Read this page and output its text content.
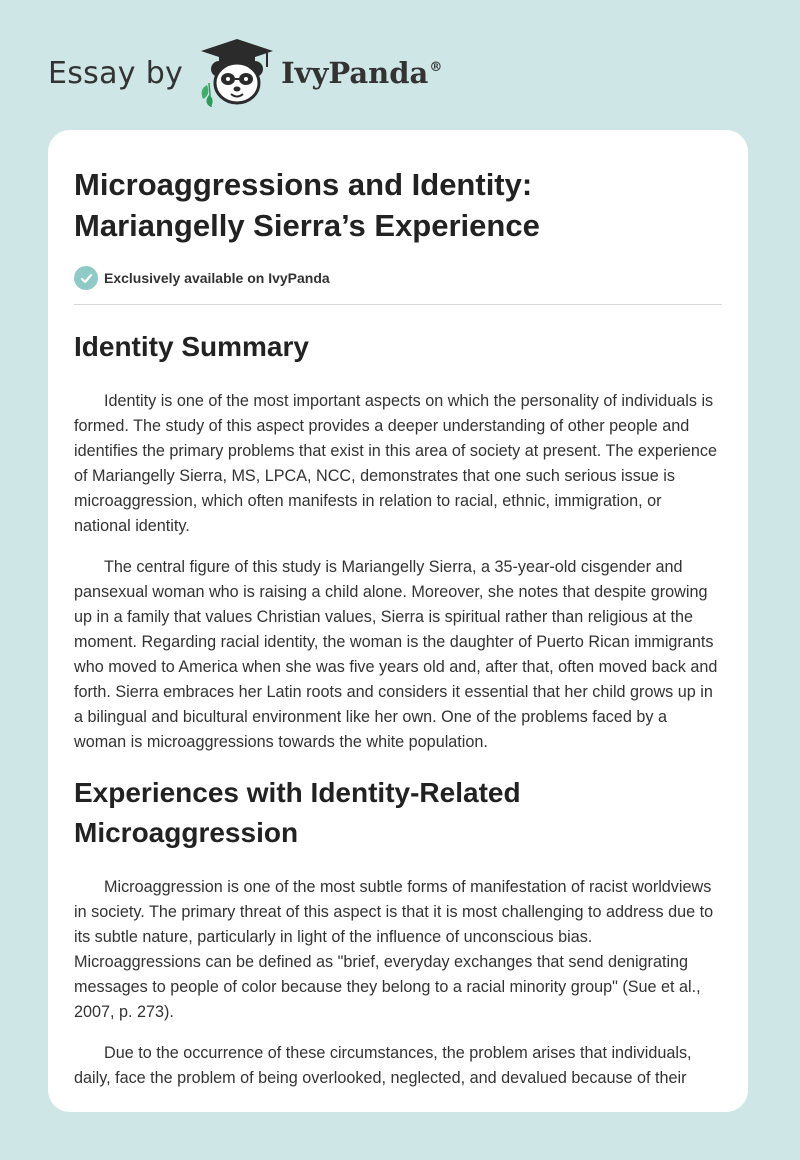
Essay by	IvyPanda®
Microaggressions and Identity:
Mariangelly Sierra’s Experience
Exclusively available on IvyPanda
Identity Summary

Identity is one of the most important aspects on which the personality of individuals is formed. The study of this aspect provides a deeper understanding of other people and identifies the primary problems that exist in this area of society at present. The experience of Mariangelly Sierra, MS, LPCA, NCC, demonstrates that one such serious issue is microaggression, which often manifests in relation to racial, ethnic, immigration, or national identity.

The central figure of this study is Mariangelly Sierra, a 35-year-old cisgender and pansexual woman who is raising a child alone. Moreover, she notes that despite growing up in a family that values Christian values, Sierra is spiritual rather than religious at the moment. Regarding racial identity, the woman is the daughter of Puerto Rican immigrants who moved to America when she was five years old and, after that, often moved back and forth. Sierra embraces her Latin roots and considers it essential that her child grows up in a bilingual and bicultural environment like her own. One of the problems faced by a woman is microaggressions towards the white population.

Experiences with Identity-Related
Microaggression

Microaggression is one of the most subtle forms of manifestation of racist worldviews in society. The primary threat of this aspect is that it is most challenging to address due to its subtle nature, particularly in light of the influence of unconscious bias. Microaggressions can be defined as "brief, everyday exchanges that send denigrating messages to people of color because they belong to a racial minority group" (Sue et al., 2007, p. 273).

Due to the occurrence of these circumstances, the problem arises that individuals, daily, face the problem of being overlooked, neglected, and devalued because of their
